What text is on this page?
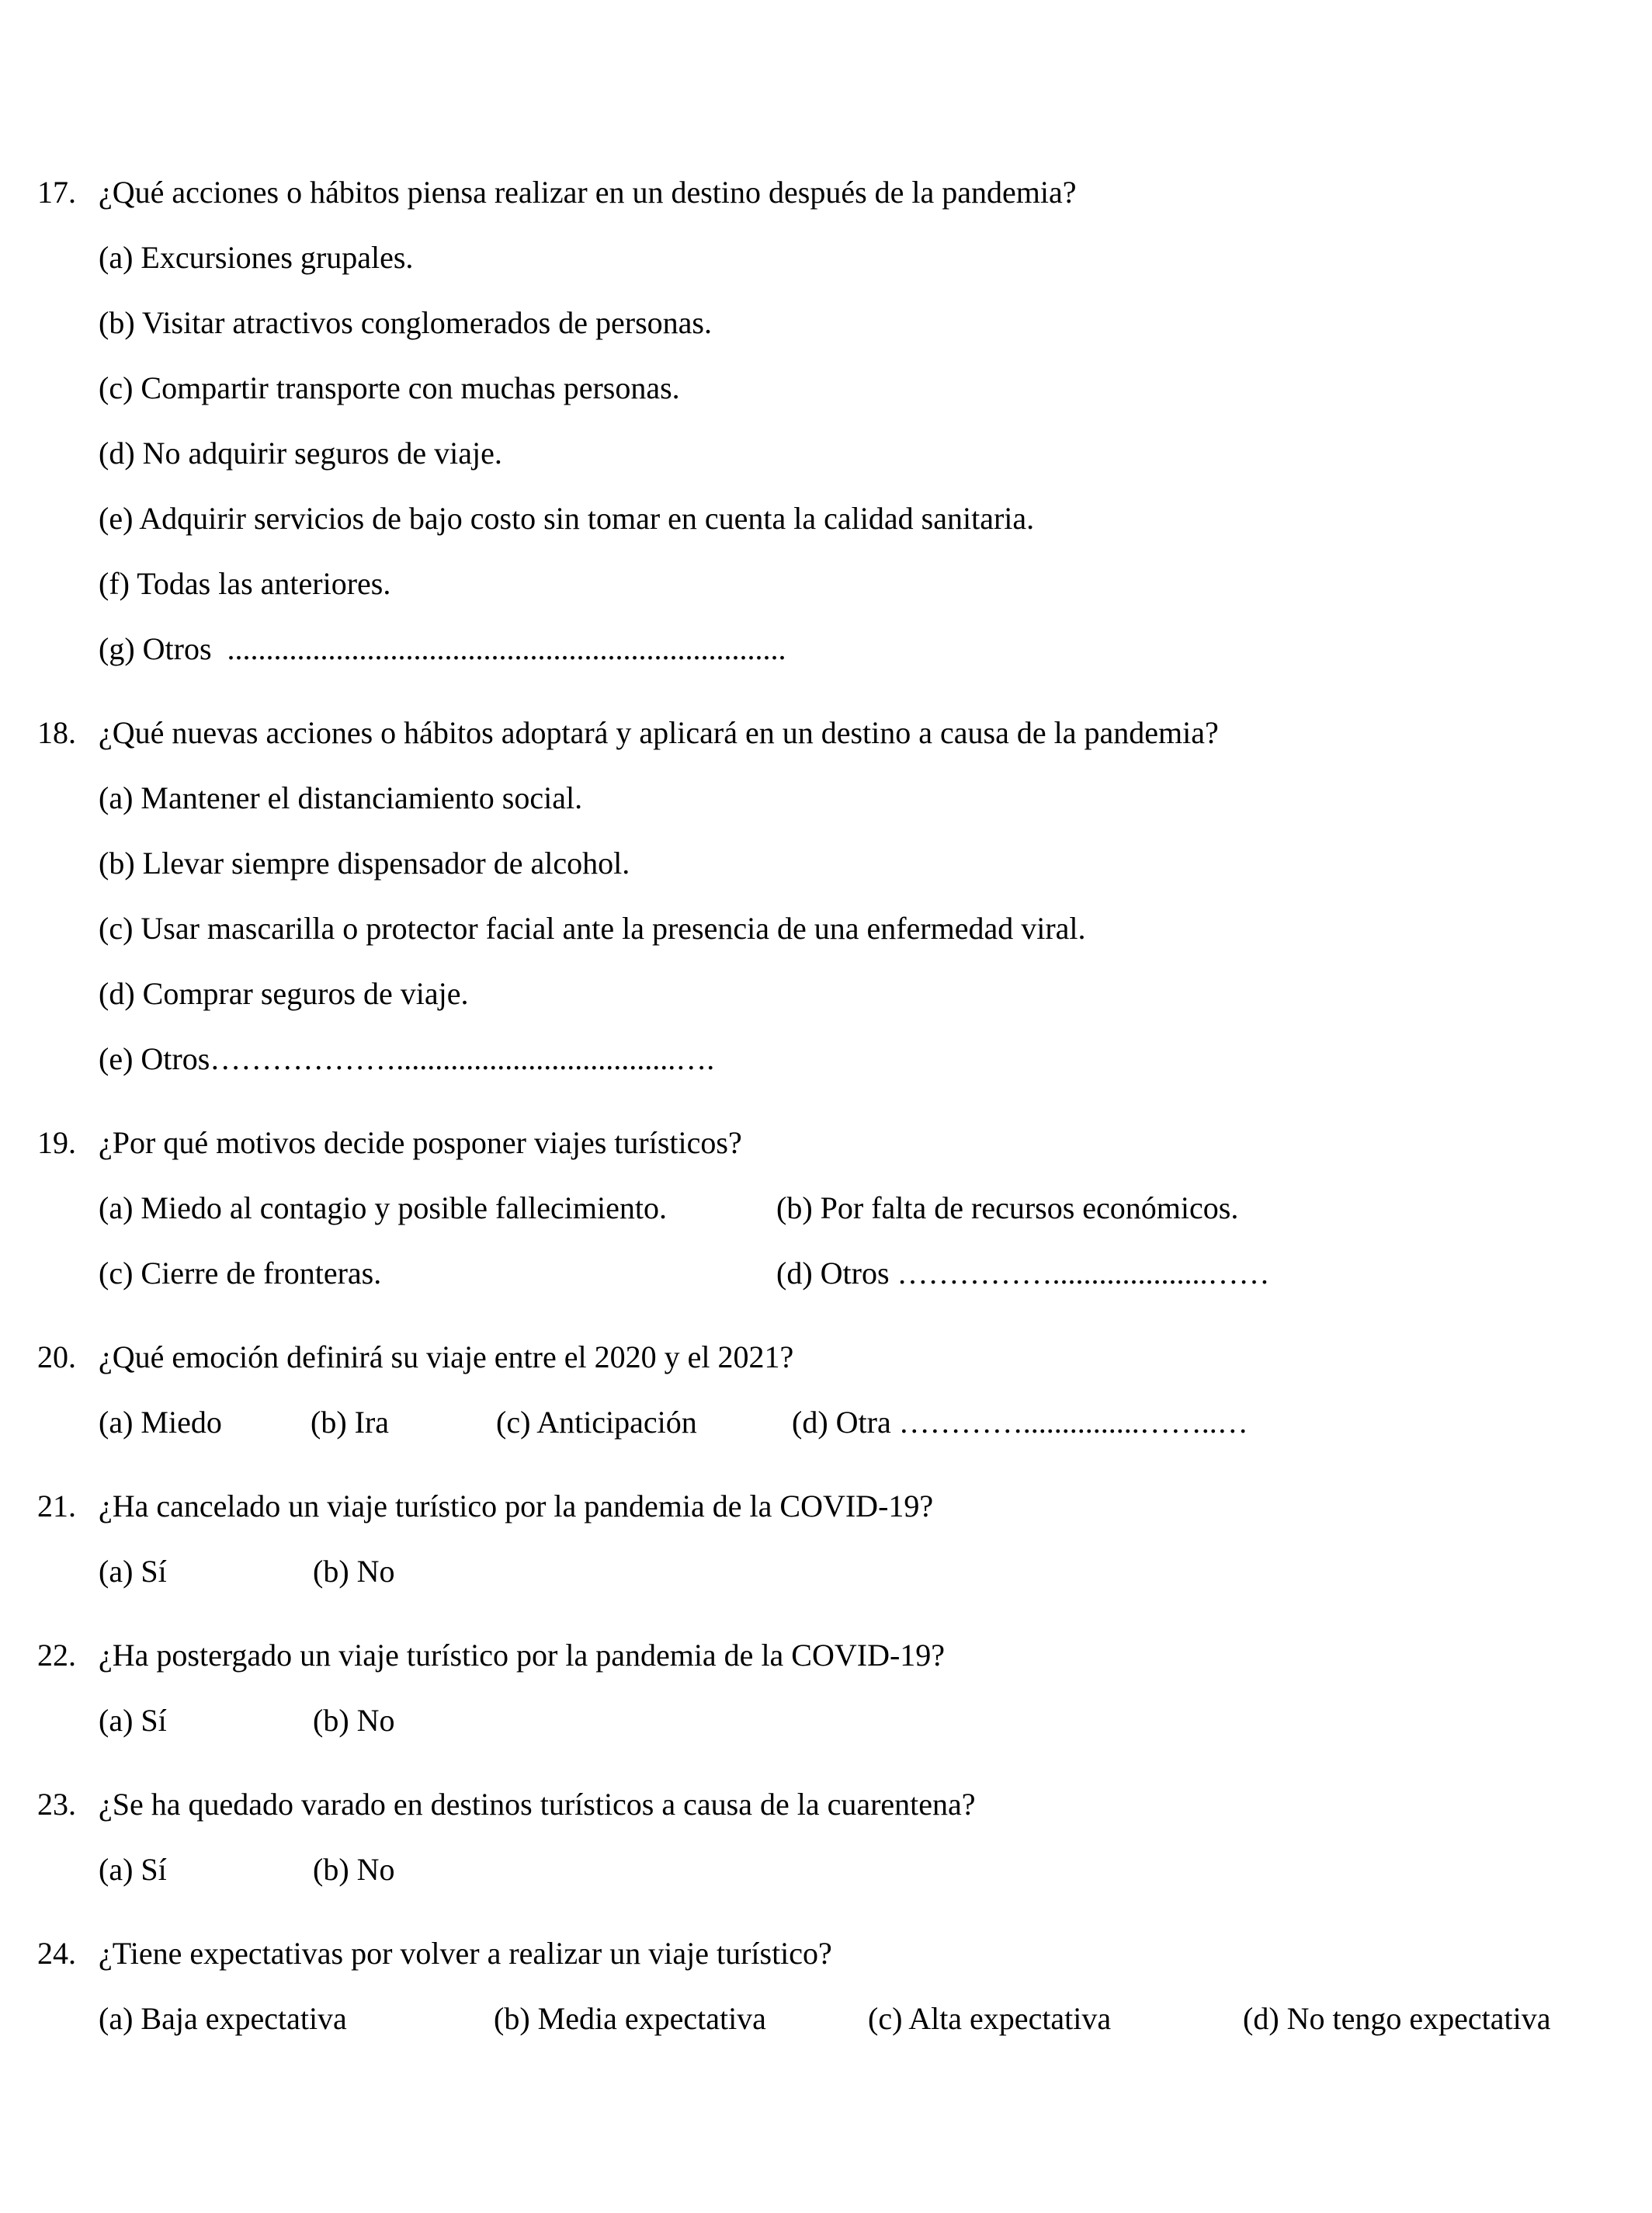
17. ¿Qué acciones o hábitos piensa realizar en un destino después de la pandemia?
(a) Excursiones grupales.
(b) Visitar atractivos conglomerados de personas.
(c) Compartir transporte con muchas personas.
(d) No adquirir seguros de viaje.
(e) Adquirir servicios de bajo costo sin tomar en cuenta la calidad sanitaria.
(f) Todas las anteriores.
(g) Otros  ........................................................................
18. ¿Qué nuevas acciones o hábitos adoptará y aplicará en un destino a causa de la pandemia?
(a) Mantener el distanciamiento social.
(b) Llevar siempre dispensador de alcohol.
(c) Usar mascarilla o protector facial ante la presencia de una enfermedad viral.
(d) Comprar seguros de viaje.
(e) Otros………………....................................….
19. ¿Por qué motivos decide posponer viajes turísticos?
(a) Miedo al contagio y posible fallecimiento.	(b) Por falta de recursos económicos.
(c) Cierre de fronteras.	(d) Otros ……………....................……
20. ¿Qué emoción definirá su viaje entre el 2020 y el 2021?
(a) Miedo	(b) Ira	(c) Anticipación	(d) Otra …………...............……..…
21. ¿Ha cancelado un viaje turístico por la pandemia de la COVID-19?
(a) Sí	(b) No
22. ¿Ha postergado un viaje turístico por la pandemia de la COVID-19?
(a) Sí	(b) No
23. ¿Se ha quedado varado en destinos turísticos a causa de la cuarentena?
(a) Sí	(b) No
24. ¿Tiene expectativas por volver a realizar un viaje turístico?
(a) Baja expectativa	(b) Media expectativa	(c) Alta expectativa	(d) No tengo expectativa
